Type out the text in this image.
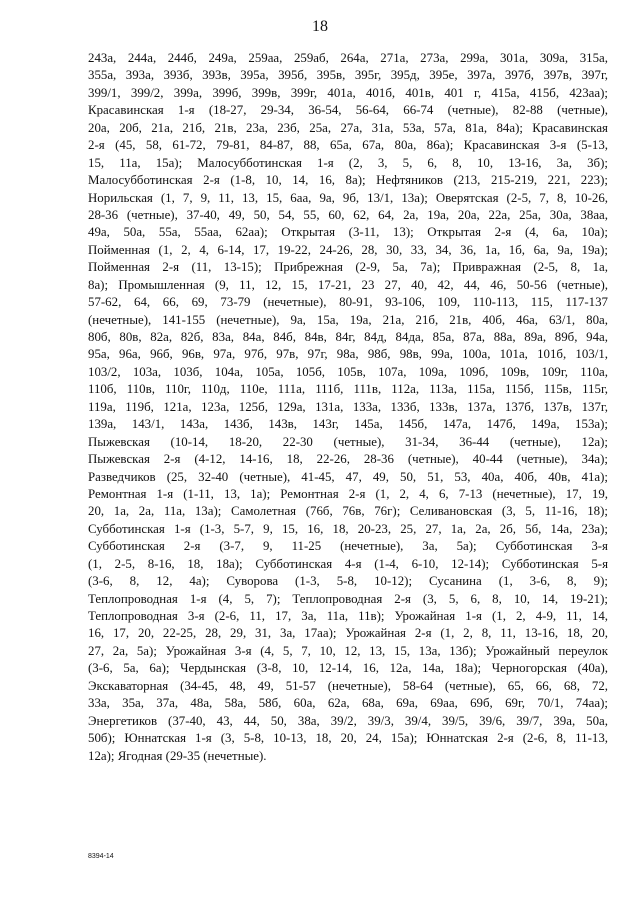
18
243а, 244а, 244б, 249а, 259аа, 259аб, 264а, 271а, 273а, 299а, 301а, 309а, 315а,
355а, 393а, 393б, 393в, 395а, 395б, 395в, 395г, 395д, 395е, 397а, 397б, 397в, 397г,
399/1, 399/2, 399а, 399б, 399в, 399г, 401а, 401б, 401в, 401 г, 415а, 415б, 423аа);
Красавинская 1-я (18-27, 29-34, 36-54, 56-64, 66-74 (четные), 82-88 (четные),
20а, 20б, 21а, 21б, 21в, 23а, 23б, 25а, 27а, 31а, 53а, 57а, 81а, 84а); Красавинская
2-я (45, 58, 61-72, 79-81, 84-87, 88, 65а, 67а, 80а, 86а); Красавинская 3-я (5-13,
15, 11а, 15а); Малосубботинская 1-я (2, 3, 5, 6, 8, 10, 13-16, 3а, 3б);
Малосубботинская 2-я (1-8, 10, 14, 16, 8а); Нефтяников (213, 215-219, 221, 223);
Норильская (1, 7, 9, 11, 13, 15, 6аа, 9а, 9б, 13/1, 13а); Оверятская (2-5, 7, 8, 10-26,
28-36 (четные), 37-40, 49, 50, 54, 55, 60, 62, 64, 2а, 19а, 20а, 22а, 25а, 30а, 38аа,
49а, 50а, 55а, 55аа, 62аа); Открытая (3-11, 13); Открытая 2-я (4, 6а, 10а);
Пойменная (1, 2, 4, 6-14, 17, 19-22, 24-26, 28, 30, 33, 34, 36, 1а, 1б, 6а, 9а, 19а);
Пойменная 2-я (11, 13-15); Прибрежная (2-9, 5а, 7а); Привражная (2-5, 8, 1а,
8а); Промышленная (9, 11, 12, 15, 17-21, 23 27, 40, 42, 44, 46, 50-56 (четные),
57-62, 64, 66, 69, 73-79 (нечетные), 80-91, 93-106, 109, 110-113, 115, 117-137
(нечетные), 141-155 (нечетные), 9а, 15а, 19а, 21а, 21б, 21в, 40б, 46а, 63/1, 80а,
80б, 80в, 82а, 82б, 83а, 84а, 84б, 84в, 84г, 84д, 84да, 85а, 87а, 88а, 89а, 89б, 94а,
95а, 96а, 96б, 96в, 97а, 97б, 97в, 97г, 98а, 98б, 98в, 99а, 100а, 101а, 101б, 103/1,
103/2, 103а, 103б, 104а, 105а, 105б, 105в, 107а, 109а, 109б, 109в, 109г, 110а,
110б, 110в, 110г, 110д, 110е, 111а, 111б, 111в, 112а, 113а, 115а, 115б, 115в, 115г,
119а, 119б, 121а, 123а, 125б, 129а, 131а, 133а, 133б, 133в, 137а, 137б, 137в, 137г,
139а, 143/1, 143а, 143б, 143в, 143г, 145а, 145б, 147а, 147б, 149а, 153а);
Пыжевская (10-14, 18-20, 22-30 (четные), 31-34, 36-44 (четные), 12а);
Пыжевская 2-я (4-12, 14-16, 18, 22-26, 28-36 (четные), 40-44 (четные), 34а);
Разведчиков (25, 32-40 (четные), 41-45, 47, 49, 50, 51, 53, 40а, 40б, 40в, 41а);
Ремонтная 1-я (1-11, 13, 1а); Ремонтная 2-я (1, 2, 4, 6, 7-13 (нечетные), 17, 19,
20, 1а, 2а, 11а, 13а); Самолетная (76б, 76в, 76г); Селивановская (3, 5, 11-16, 18);
Субботинская 1-я (1-3, 5-7, 9, 15, 16, 18, 20-23, 25, 27, 1а, 2а, 2б, 5б, 14а, 23а);
Субботинская 2-я (3-7, 9, 11-25 (нечетные), 3а, 5а); Субботинская 3-я
(1, 2-5, 8-16, 18, 18а); Субботинская 4-я (1-4, 6-10, 12-14); Субботинская 5-я
(3-6, 8, 12, 4а); Суворова (1-3, 5-8, 10-12); Сусанина (1, 3-6, 8, 9);
Теплопроводная 1-я (4, 5, 7); Теплопроводная 2-я (3, 5, 6, 8, 10, 14, 19-21);
Теплопроводная 3-я (2-6, 11, 17, 3а, 11а, 11в); Урожайная 1-я (1, 2, 4-9, 11, 14,
16, 17, 20, 22-25, 28, 29, 31, 3а, 17аа); Урожайная 2-я (1, 2, 8, 11, 13-16, 18, 20,
27, 2а, 5а); Урожайная 3-я (4, 5, 7, 10, 12, 13, 15, 13а, 13б); Урожайный переулок
(3-6, 5а, 6а); Чердынская (3-8, 10, 12-14, 16, 12а, 14а, 18а); Черногорская (40а),
Экскаваторная (34-45, 48, 49, 51-57 (нечетные), 58-64 (четные), 65, 66, 68, 72,
33а, 35а, 37а, 48а, 58а, 58б, 60а, 62а, 68а, 69а, 69аа, 69б, 69г, 70/1, 74аа);
Энергетиков (37-40, 43, 44, 50, 38а, 39/2, 39/3, 39/4, 39/5, 39/6, 39/7, 39а, 50а,
50б); Юннатская 1-я (3, 5-8, 10-13, 18, 20, 24, 15а); Юннатская 2-я (2-6, 8, 11-13,
12а); Ягодная (29-35 (нечетные).
8394-14
